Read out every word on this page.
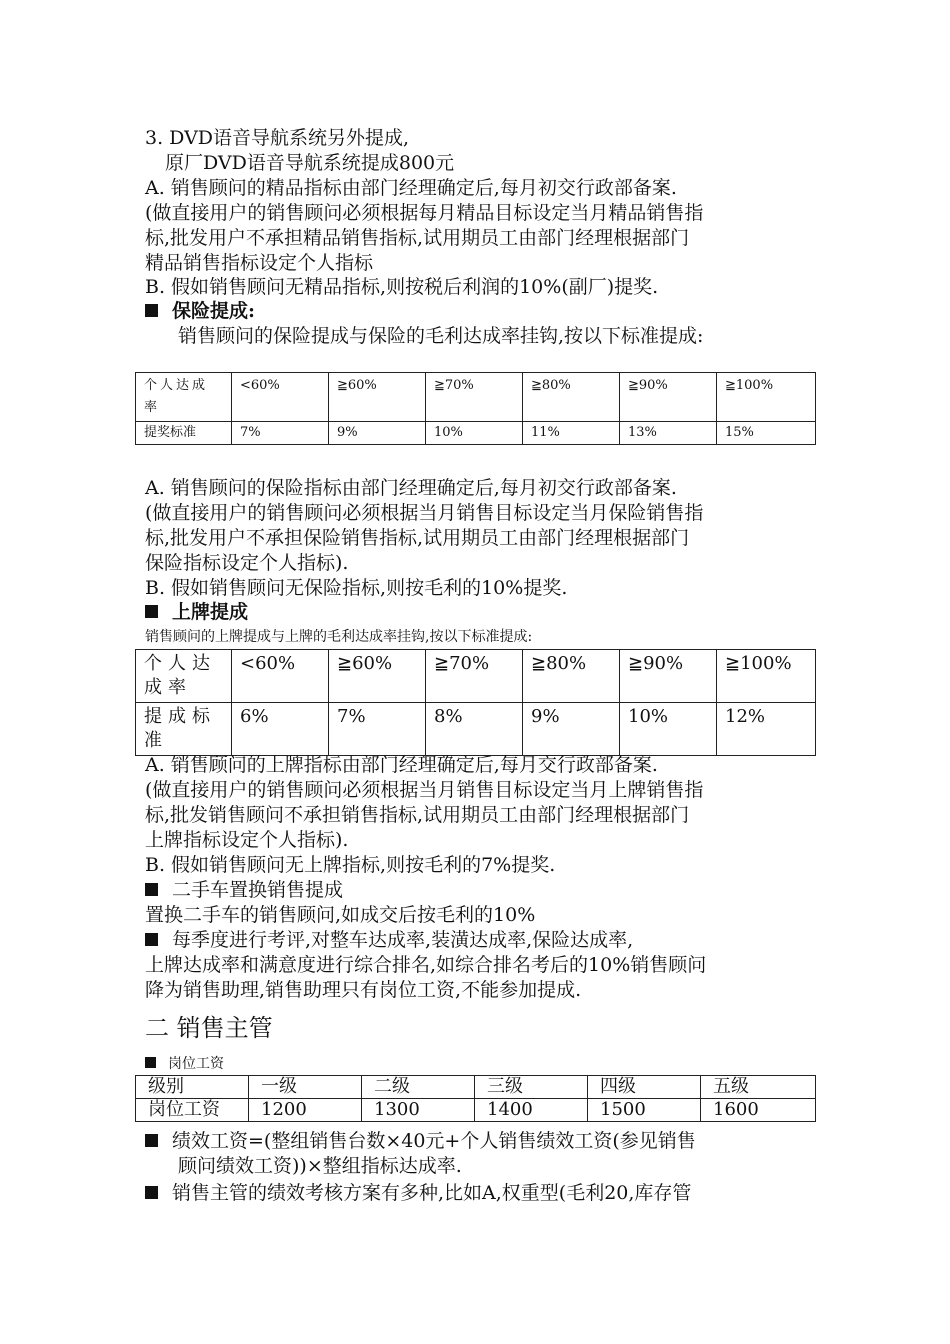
3. DVD语音导航系统另外提成,
原厂DVD语音导航系统提成800元
A. 销售顾问的精品指标由部门经理确定后,每月初交行政部备案.
(做直接用户的销售顾问必须根据每月精品目标设定当月精品销售指
标,批发用户不承担精品销售指标,试用期员工由部门经理根据部门
精品销售指标设定个人指标
B. 假如销售顾问无精品指标,则按税后利润的10%(副厂)提奖.
保险提成:
销售顾问的保险提成与保险的毛利达成率挂钩,按以下标准提成:
个人达成率	<60%	≧60%	≧70%	≧80%	≧90%	≧100%
提奖标准	7%	9%	10%	11%	13%	15%
A. 销售顾问的保险指标由部门经理确定后,每月初交行政部备案.
(做直接用户的销售顾问必须根据当月销售目标设定当月保险销售指
标,批发用户不承担保险销售指标,试用期员工由部门经理根据部门
保险指标设定个人指标).
B. 假如销售顾问无保险指标,则按毛利的10%提奖.
上牌提成
销售顾问的上牌提成与上牌的毛利达成率挂钩,按以下标准提成:
个人达成率	<60%	≧60%	≧70%	≧80%	≧90%	≧100%
提成标准	6%	7%	8%	9%	10%	12%
A. 销售顾问的上牌指标由部门经理确定后,每月交行政部备案.
(做直接用户的销售顾问必须根据当月销售目标设定当月上牌销售指
标,批发销售顾问不承担销售指标,试用期员工由部门经理根据部门
上牌指标设定个人指标).
B. 假如销售顾问无上牌指标,则按毛利的7%提奖.
二手车置换销售提成
置换二手车的销售顾问,如成交后按毛利的10%
每季度进行考评,对整车达成率,装潢达成率,保险达成率,
上牌达成率和满意度进行综合排名,如综合排名考后的10%销售顾问
降为销售助理,销售助理只有岗位工资,不能参加提成.
二 销售主管
岗位工资
级别	一级	二级	三级	四级	五级
岗位工资	1200	1300	1400	1500	1600
绩效工资=(整组销售台数×40元+个人销售绩效工资(参见销售
顾问绩效工资))×整组指标达成率.
销售主管的绩效考核方案有多种,比如A,权重型(毛利20,库存管
